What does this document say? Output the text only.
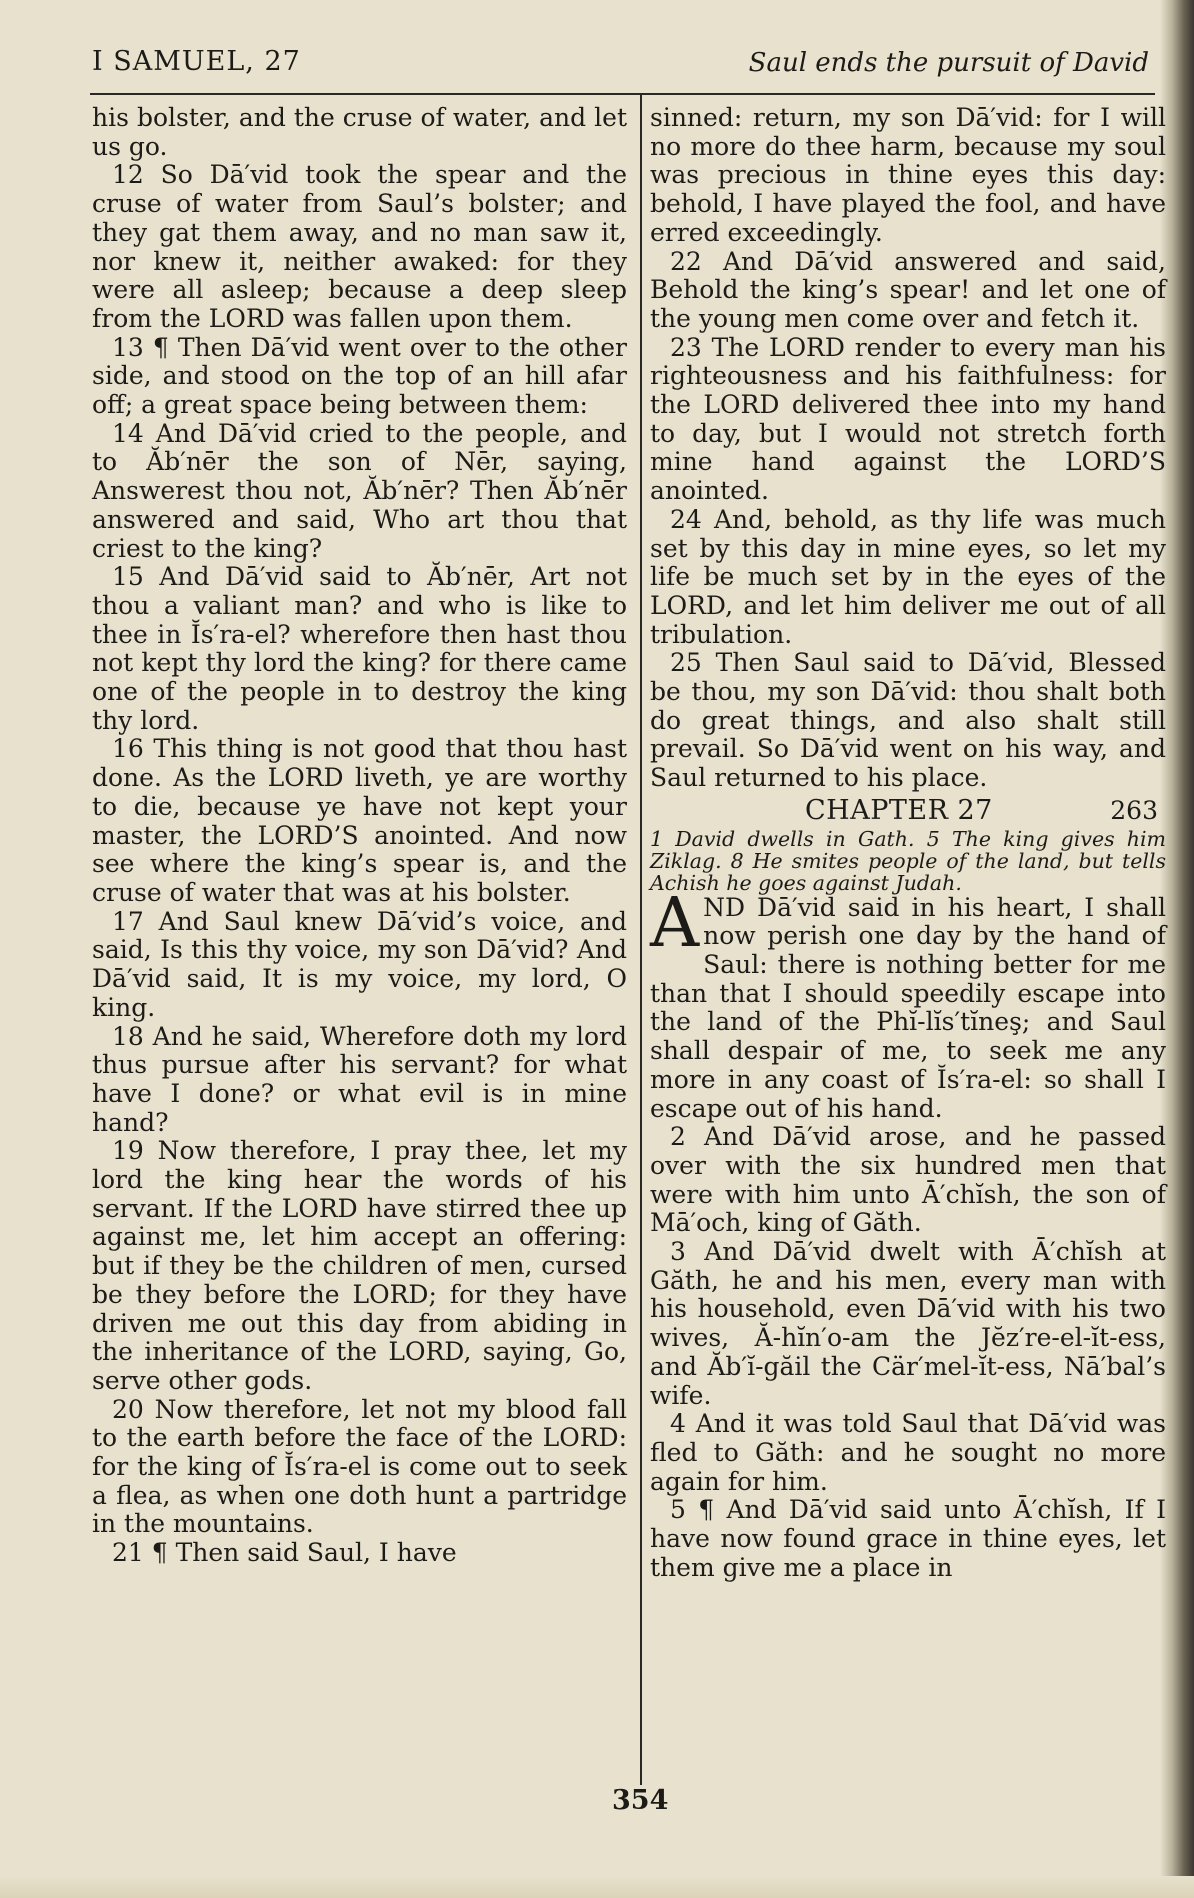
I SAMUEL, 27	Saul ends the pursuit of David

his bolster, and the cruse of water, and let us go.

12 So Dā′vid took the spear and the cruse of water from Saul’s bolster; and they gat them away, and no man saw it, nor knew it, neither awaked: for they were all asleep; because a deep sleep from the LORD was fallen upon them.

13 ¶ Then Dā′vid went over to the other side, and stood on the top of an hill afar off; a great space being between them:

14 And Dā′vid cried to the people, and to Ăb′nēr the son of Nēr, saying, Answerest thou not, Ăb′nēr? Then Ăb′nēr answered and said, Who art thou that criest to the king?

15 And Dā′vid said to Ăb′nēr, Art not thou a valiant man? and who is like to thee in Ĭs′ra-el? wherefore then hast thou not kept thy lord the king? for there came one of the people in to destroy the king thy lord.

16 This thing is not good that thou hast done. As the LORD liveth, ye are worthy to die, because ye have not kept your master, the LORD’S anointed. And now see where the king’s spear is, and the cruse of water that was at his bolster.

17 And Saul knew Dā′vid’s voice, and said, Is this thy voice, my son Dā′vid? And Dā′vid said, It is my voice, my lord, O king.

18 And he said, Wherefore doth my lord thus pursue after his servant? for what have I done? or what evil is in mine hand?

19 Now therefore, I pray thee, let my lord the king hear the words of his servant. If the LORD have stirred thee up against me, let him accept an offering: but if they be the children of men, cursed be they before the LORD; for they have driven me out this day from abiding in the inheritance of the LORD, saying, Go, serve other gods.

20 Now therefore, let not my blood fall to the earth before the face of the LORD: for the king of Ĭs′ra-el is come out to seek a flea, as when one doth hunt a partridge in the mountains.

21 ¶ Then said Saul, I have

sinned: return, my son Dā′vid: for I will no more do thee harm, because my soul was precious in thine eyes this day: behold, I have played the fool, and have erred exceedingly.

22 And Dā′vid answered and said, Behold the king’s spear! and let one of the young men come over and fetch it.

23 The LORD render to every man his righteousness and his faithfulness: for the LORD delivered thee into my hand to day, but I would not stretch forth mine hand against the LORD’S anointed.

24 And, behold, as thy life was much set by this day in mine eyes, so let my life be much set by in the eyes of the LORD, and let him deliver me out of all tribulation.

25 Then Saul said to Dā′vid, Blessed be thou, my son Dā′vid: thou shalt both do great things, and also shalt still prevail. So Dā′vid went on his way, and Saul returned to his place.

CHAPTER 27	263

1 David dwells in Gath. 5 The king gives him Ziklag. 8 He smites people of the land, but tells Achish he goes against Judah.

AND Dā′vid said in his heart, I shall now perish one day by the hand of Saul: there is nothing better for me than that I should speedily escape into the land of the Phĭ-lĭs′tĭneş; and Saul shall despair of me, to seek me any more in any coast of Ĭs′ra-el: so shall I escape out of his hand.

2 And Dā′vid arose, and he passed over with the six hundred men that were with him unto Ā′chĭsh, the son of Mā′och, king of Găth.

3 And Dā′vid dwelt with Ā′chĭsh at Găth, he and his men, every man with his household, even Dā′vid with his two wives, Ă-hĭn′o-am the Jĕz′re-el-ĭt-ess, and Ăb′ĭ-găil the Cär′mel-ĭt-ess, Nā′bal’s wife.

4 And it was told Saul that Dā′vid was fled to Găth: and he sought no more again for him.

5 ¶ And Dā′vid said unto Ā′chĭsh, If I have now found grace in thine eyes, let them give me a place in

354
